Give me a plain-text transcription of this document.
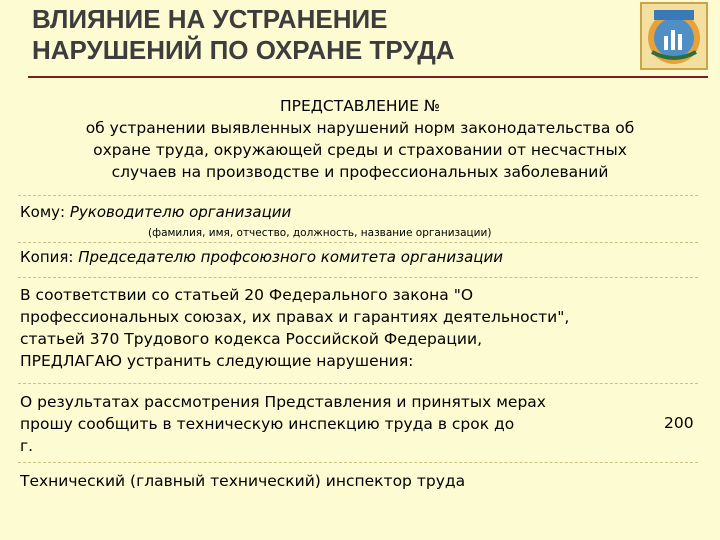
ВЛИЯНИЕ НА УСТРАНЕНИЕ
НАРУШЕНИЙ ПО ОХРАНЕ ТРУДА
ПРЕДСТАВЛЕНИЕ №
об устранении выявленных нарушений норм законодательства об
охране труда, окружающей среды и страховании от несчастных
случаев на производстве и профессиональных заболеваний
Кому: Руководителю организации
(фамилия, имя, отчество, должность, название организации)
Копия: Председателю профсоюзного комитета организации
В соответствии со статьей 20 Федерального закона "О
профессиональных союзах, их правах и гарантиях деятельности",
статьей 370 Трудового кодекса Российской Федерации,
ПРЕДЛАГАЮ устранить следующие нарушения:
О результатах рассмотрения Представления и принятых мерах
прошу сообщить в техническую инспекцию труда в срок до
г.
200
Технический (главный технический) инспектор труда
